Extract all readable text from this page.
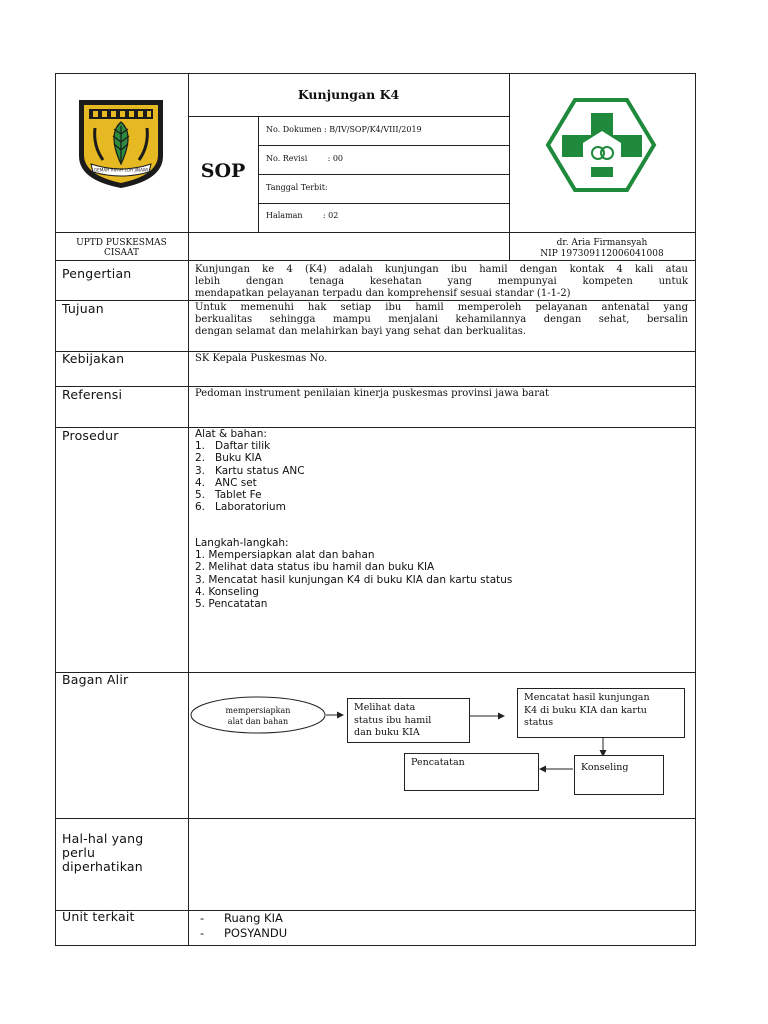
GEMAH RIPAH LOH JINAWI
Kunjungan K4
SOP
No. Dokumen : B/IV/SOP/K4/VIII/2019
No. Revisi        : 00
Tanggal Terbit:
Halaman        : 02
UPTD PUSKESMAS
CISAAT
dr. Aria Firmansyah
NIP 197309112006041008
Pengertian	Kunjungan ke 4 (K4) adalah kunjungan ibu hamil dengan kontak 4 kali atau
lebih dengan tenaga kesehatan yang mempunyai kompeten untuk
mendapatkan pelayanan terpadu dan komprehensif sesuai standar (1-1-2)
Tujuan	Untuk memenuhi hak setiap ibu hamil memperoleh pelayanan antenatal yang
berkualitas sehingga mampu menjalani kehamilannya dengan sehat, bersalin
dengan selamat dan melahirkan bayi yang sehat dan berkualitas.
Kebijakan	SK Kepala Puskesmas No.
Referensi	Pedoman instrument penilaian kinerja puskesmas provinsi jawa barat
Prosedur	Alat & bahan:
1.   Daftar tilik
2.   Buku KIA
3.   Kartu status ANC
4.   ANC set
5.   Tablet Fe
6.   Laboratorium
Langkah-langkah:
1. Mempersiapkan alat dan bahan
2. Melihat data status ibu hamil dan buku KIA
3. Mencatat hasil kunjungan K4 di buku KIA dan kartu status
4. Konseling
5. Pencatatan
Bagan Alir
mempersiapkan
alat dan bahan
Melihat data
status ibu hamil
dan buku KIA
Mencatat hasil kunjungan
K4 di buku KIA dan kartu
status
Konseling
Pencatatan
Hal-hal yang
perlu
diperhatikan
Unit terkait	- Ruang KIA
- POSYANDU
